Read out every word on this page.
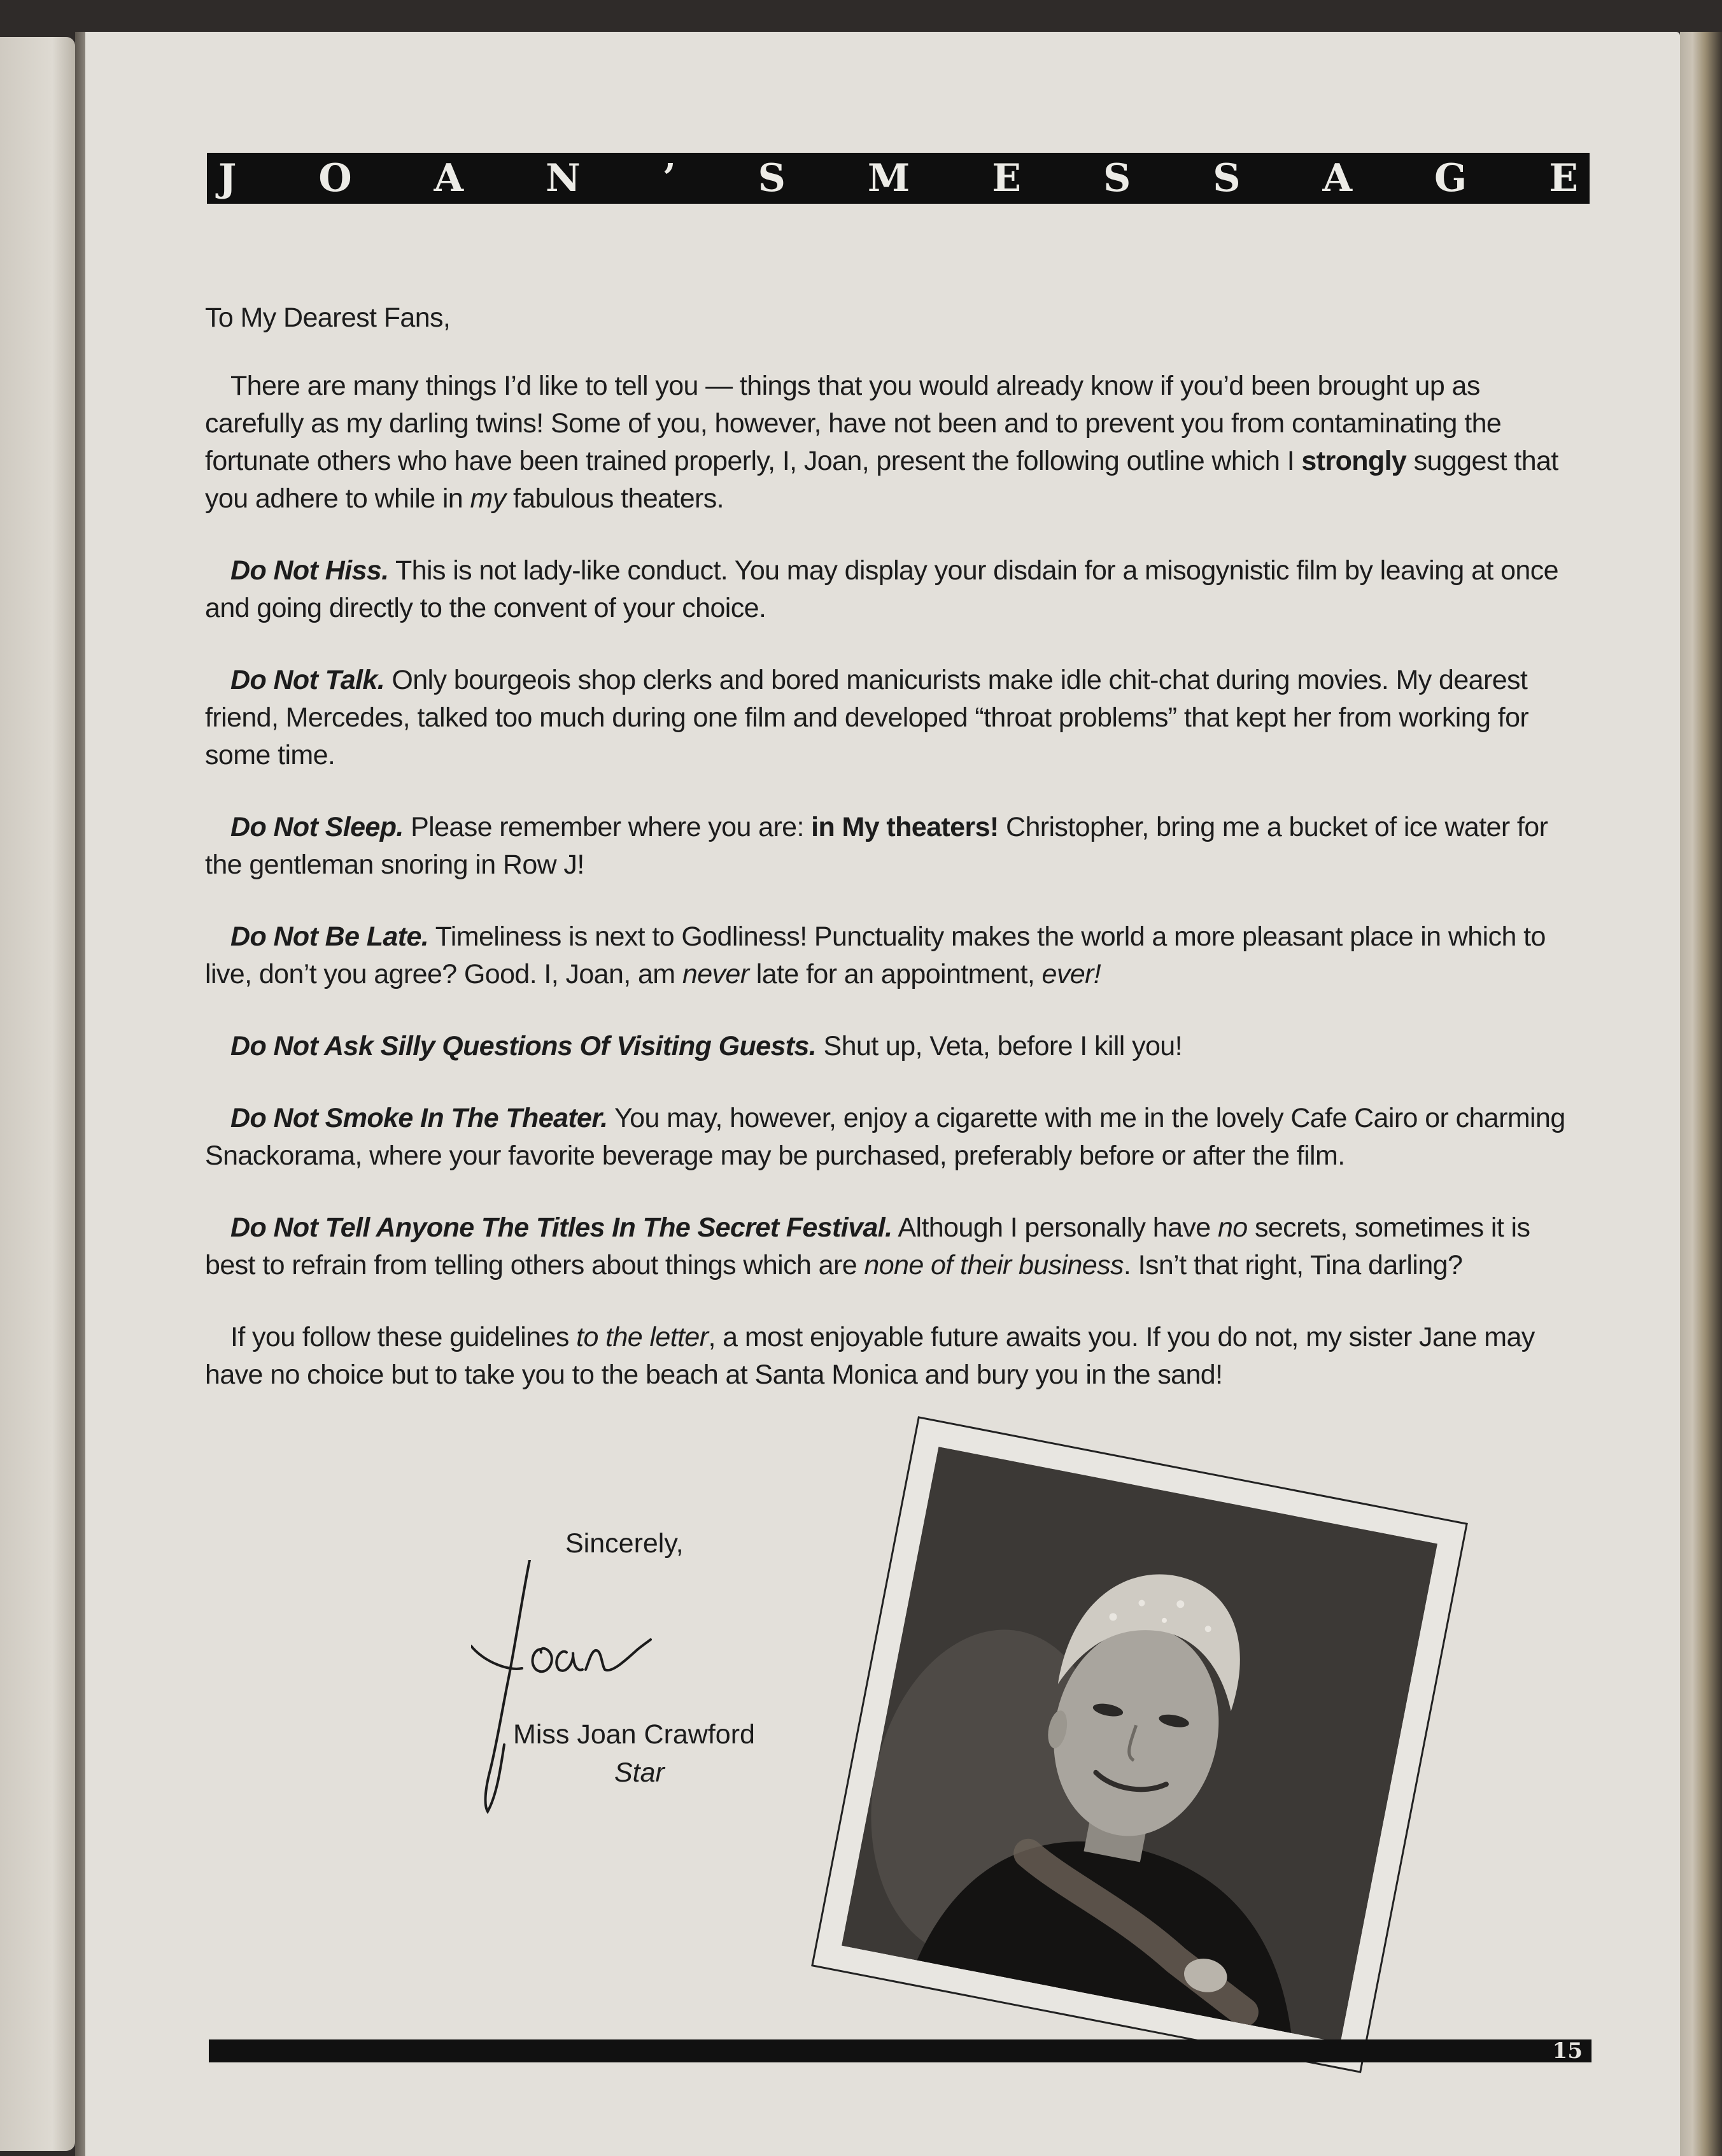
J O A N ’ S M E S S A G E

To My Dearest Fans,

There are many things I’d like to tell you — things that you would already know if you’d been brought up as carefully as my darling twins! Some of you, however, have not been and to prevent you from contaminating the fortunate others who have been trained properly, I, Joan, present the following outline which I strongly suggest that you adhere to while in my fabulous theaters.

Do Not Hiss. This is not lady-like conduct. You may display your disdain for a misogynistic film by leaving at once and going directly to the convent of your choice.

Do Not Talk. Only bourgeois shop clerks and bored manicurists make idle chit-chat during movies. My dearest friend, Mercedes, talked too much during one film and developed “throat problems” that kept her from working for some time.

Do Not Sleep. Please remember where you are: in My theaters! Christopher, bring me a bucket of ice water for the gentleman snoring in Row J!

Do Not Be Late. Timeliness is next to Godliness! Punctuality makes the world a more pleasant place in which to live, don’t you agree? Good. I, Joan, am never late for an appointment, ever!

Do Not Ask Silly Questions Of Visiting Guests. Shut up, Veta, before I kill you!

Do Not Smoke In The Theater. You may, however, enjoy a cigarette with me in the lovely Cafe Cairo or charming Snackorama, where your favorite beverage may be purchased, preferably before or after the film.

Do Not Tell Anyone The Titles In The Secret Festival. Although I personally have no secrets, sometimes it is best to refrain from telling others about things which are none of their business. Isn’t that right, Tina darling?

If you follow these guidelines to the letter, a most enjoyable future awaits you. If you do not, my sister Jane may have no choice but to take you to the beach at Santa Monica and bury you in the sand!

Sincerely,
Miss Joan Crawford
Star
15
